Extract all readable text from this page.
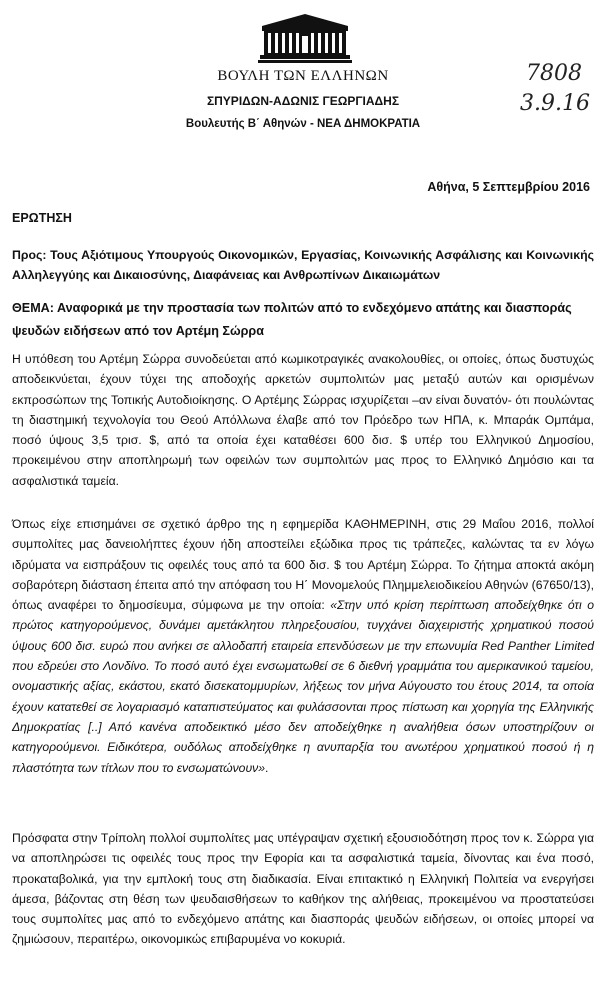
ΒΟΥΛΗ ΤΩΝ ΕΛΛΗΝΩΝ
ΣΠΥΡΙΔΩΝ-ΑΔΩΝΙΣ ΓΕΩΡΓΙΑΔΗΣ
Βουλευτής Β΄ Αθηνών - ΝΕΑ ΔΗΜΟΚΡΑΤΙΑ
7808
3.9.16
Αθήνα, 5 Σεπτεμβρίου 2016
ΕΡΩΤΗΣΗ
Προς: Τους Αξιότιμους Υπουργούς Οικονομικών, Εργασίας, Κοινωνικής Ασφάλισης και Κοινωνικής Αλληλεγγύης και Δικαιοσύνης, Διαφάνειας και Ανθρωπίνων Δικαιωμάτων
ΘΕΜΑ: Αναφορικά με την προστασία των πολιτών από το ενδεχόμενο απάτης και διασποράς ψευδών ειδήσεων από τον Αρτέμη Σώρρα
Η υπόθεση του Αρτέμη Σώρρα συνοδεύεται από κωμικοτραγικές ανακολουθίες, οι οποίες, όπως δυστυχώς αποδεικνύεται, έχουν τύχει της αποδοχής αρκετών συμπολιτών μας μεταξύ αυτών και ορισμένων εκπροσώπων της Τοπικής Αυτοδιοίκησης. Ο Αρτέμης Σώρρας ισχυρίζεται –αν είναι δυνατόν- ότι πουλώντας τη διαστημική τεχνολογία του Θεού Απόλλωνα έλαβε από τον Πρόεδρο των ΗΠΑ, κ. Μπαράκ Ομπάμα, ποσό ύψους 3,5 τρισ. $, από τα οποία έχει καταθέσει 600 δισ. $ υπέρ του Ελληνικού Δημοσίου, προκειμένου στην αποπληρωμή των οφειλών των συμπολιτών μας προς το Ελληνικό Δημόσιο και τα ασφαλιστικά ταμεία.
Όπως είχε επισημάνει σε σχετικό άρθρο της η εφημερίδα ΚΑΘΗΜΕΡΙΝΗ, στις 29 Μαΐου 2016, πολλοί συμπολίτες μας δανειολήπτες έχουν ήδη αποστείλει εξώδικα προς τις τράπεζες, καλώντας τα εν λόγω ιδρύματα να εισπράξουν τις οφειλές τους από τα 600 δισ. $ του Αρτέμη Σώρρα. Το ζήτημα αποκτά ακόμη σοβαρότερη διάσταση έπειτα από την απόφαση του Η΄ Μονομελούς Πλημμελειοδικείου Αθηνών (67650/13), όπως αναφέρει το δημοσίευμα, σύμφωνα με την οποία: «Στην υπό κρίση περίπτωση αποδείχθηκε ότι ο πρώτος κατηγορούμενος, δυνάμει αμετάκλητου πληρεξουσίου, τυγχάνει διαχειριστής χρηματικού ποσού ύψους 600 δισ. ευρώ που ανήκει σε αλλοδαπή εταιρεία επενδύσεων με την επωνυμία Red Panther Limited που εδρεύει στο Λονδίνο. Το ποσό αυτό έχει ενσωματωθεί σε 6 διεθνή γραμμάτια του αμερικανικού ταμείου, ονομαστικής αξίας, εκάστου, εκατό δισεκατομμυρίων, λήξεως τον μήνα Αύγουστο του έτους 2014, τα οποία έχουν κατατεθεί σε λογαριασμό καταπιστεύματος και φυλάσσονται προς πίστωση και χορηγία της Ελληνικής Δημοκρατίας [..] Από κανένα αποδεικτικό μέσο δεν αποδείχθηκε η αναλήθεια όσων υποστηρίζουν οι κατηγορούμενοι. Ειδικότερα, ουδόλως αποδείχθηκε η ανυπαρξία του ανωτέρου χρηματικού ποσού ή η πλαστότητα των τίτλων που το ενσωματώνουν».
Πρόσφατα στην Τρίπολη πολλοί συμπολίτες μας υπέγραψαν σχετική εξουσιοδότηση προς τον κ. Σώρρα για να αποπληρώσει τις οφειλές τους προς την Εφορία και τα ασφαλιστικά ταμεία, δίνοντας και ένα ποσό, προκαταβολικά, για την εμπλοκή τους στη διαδικασία. Είναι επιτακτικό η Ελληνική Πολιτεία να ενεργήσει άμεσα, βάζοντας στη θέση των ψευδαισθήσεων το καθήκον της αλήθειας, προκειμένου να προστατεύσει τους συμπολίτες μας από το ενδεχόμενο απάτης και διασποράς ψευδών ειδήσεων, οι οποίες μπορεί να ζημιώσουν, περαιτέρω, οικονομικώς επιβαρυμένα νο κοκυριά.
